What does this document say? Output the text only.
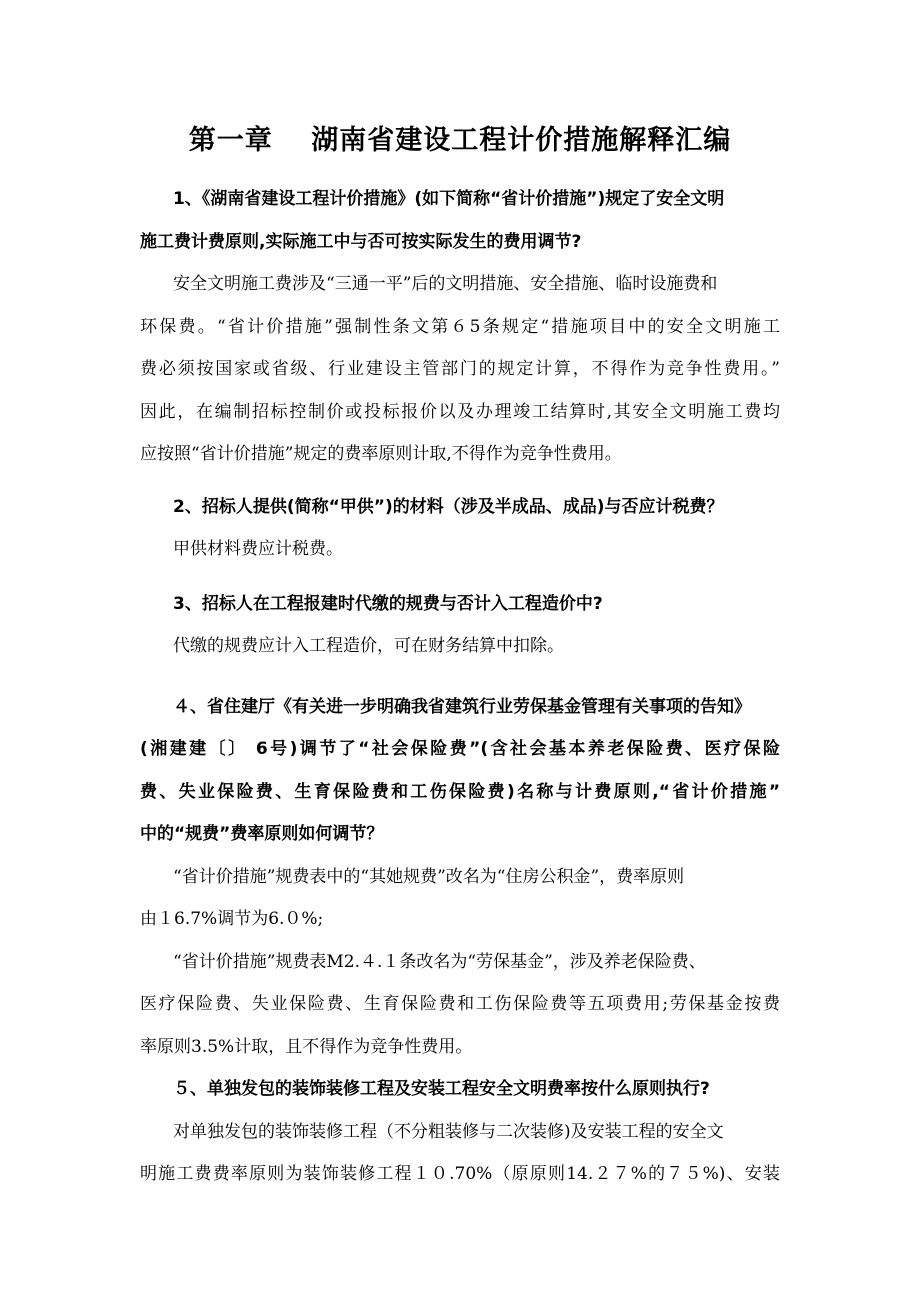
第一章　 湖南省建设工程计价措施解释汇编
1、《湖南省建设工程计价措施》(如下简称“省计价措施”)规定了安全文明
施工费计费原则,实际施工中与否可按实际发生的费用调节?
安全文明施工费涉及“三通一平”后的文明措施、安全措施、临时设施费和
环保费。“省计价措施”强制性条文第６5条规定“措施项目中的安全文明施工
费必须按国家或省级、行业建设主管部门的规定计算，不得作为竞争性费用。”
因此，在编制招标控制价或投标报价以及办理竣工结算时,其安全文明施工费均
应按照“省计价措施”规定的费率原则计取,不得作为竞争性费用。
2、招标人提供(简称“甲供”)的材料（涉及半成品、成品)与否应计税费？
甲供材料费应计税费。
3、招标人在工程报建时代缴的规费与否计入工程造价中?
代缴的规费应计入工程造价，可在财务结算中扣除。
４、省住建厅《有关进一步明确我省建筑行业劳保基金管理有关事项的告知》
(湘建建〔〕 6号)调节了“社会保险费”(含社会基本养老保险费、医疗保险
费、失业保险费、生育保险费和工伤保险费)名称与计费原则,“省计价措施”
中的“规费”费率原则如何调节？
“省计价措施”规费表中的“其她规费”改名为“住房公积金”，费率原则
由１6.7%调节为6.０%;
“省计价措施”规费表M2.４.１条改名为“劳保基金”，涉及养老保险费、
医疗保险费、失业保险费、生育保险费和工伤保险费等五项费用;劳保基金按费
率原则3.5%计取，且不得作为竞争性费用。
５、单独发包的装饰装修工程及安装工程安全文明费率按什么原则执行?
对单独发包的装饰装修工程（不分粗装修与二次装修)及安装工程的安全文
明施工费费率原则为装饰装修工程１０.70%（原原则14.２７%的７５%)、安装
